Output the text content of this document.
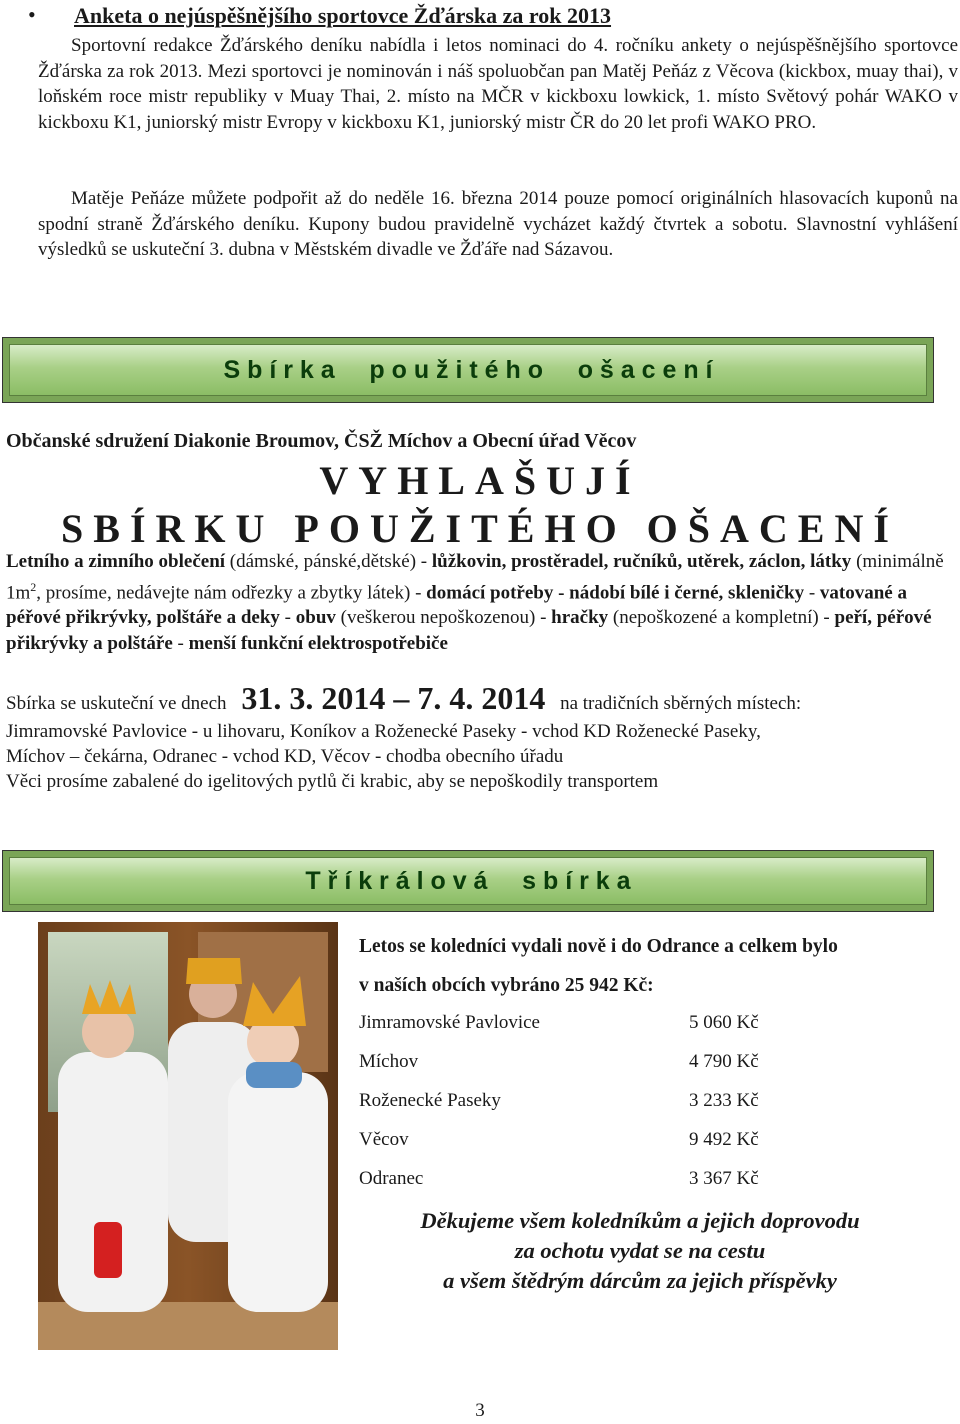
• Anketa o nejúspěšnějšího sportovce Žďárska za rok 2013
Sportovní redakce Žďárského deníku nabídla i letos nominaci do 4. ročníku ankety o nejúspěšnějšího sportovce Žďárska za rok 2013. Mezi sportovci je nominován i náš spoluobčan pan Matěj Peňáz z Věcova (kickbox, muay thai), v loňském roce mistr republiky v Muay Thai, 2. místo na MČR v kickboxu lowkick, 1. místo Světový pohár WAKO v kickboxu K1, juniorský mistr Evropy v kickboxu K1, juniorský mistr ČR do 20 let profi WAKO PRO.
Matěje Peňáze můžete podpořit až do neděle 16. března 2014 pouze pomocí originálních hlasovacích kuponů na spodní straně Žďárského deníku. Kupony budou pravidelně vycházet každý čtvrtek a sobotu. Slavnostní vyhlášení výsledků se uskuteční 3. dubna v Městském divadle ve Žďáře nad Sázavou.
S b í r k a     p o u ž i t é h o     o š a c e n í
Občanské sdružení Diakonie Broumov, ČSŽ Míchov a Obecní úřad Věcov
VYHLAŠUJÍ
SBÍRKU POUŽITÉHO OŠACENÍ
Letního a zimního oblečení (dámské, pánské,dětské) - lůžkovin, prostěradel, ručníků, utěrek, záclon, látky (minimálně $1m^2$, prosíme, nedávejte nám odřezky a zbytky látek) - domácí potřeby - nádobí bílé i černé, skleničky - vatované a péřové přikrývky, polštáře a deky - obuv (veškerou nepoškozenou) - hračky (nepoškozené a kompletní) - peří, péřové přikrývky a polštáře - menší funkční elektrospotřebiče
Sbírka se uskuteční ve dnech 31. 3. 2014 – 7. 4. 2014 na tradičních sběrných místech:
Jimramovské Pavlovice - u lihovaru, Koníkov a Roženecké Paseky - vchod KD Roženecké Paseky,
Míchov – čekárna, Odranec - vchod KD, Věcov - chodba obecního úřadu
Věci prosíme zabalené do igelitových pytlů či krabic, aby se nepoškodily transportem
T ř í k r á l o v á     s b í r k a
Letos se koledníci vydali nově i do Odrance a celkem bylo
v naších obcích vybráno 25 942 Kč:
Jimramovské Pavlovice	5 060 Kč
Míchov	4 790 Kč
Roženecké Paseky	3 233 Kč
Věcov	9 492 Kč
Odranec	3 367 Kč
Děkujeme všem koledníkům a jejich doprovodu
za ochotu vydat se na cestu
a všem štědrým dárcům za jejich příspěvky
3
